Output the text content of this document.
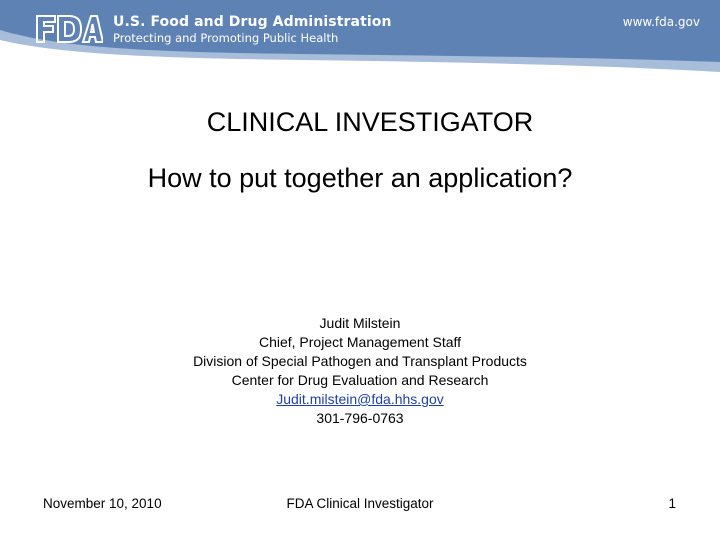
U.S. Food and Drug Administration
Protecting and Promoting Public Health
www.fda.gov
CLINICAL INVESTIGATOR
How to put together an application?
Judit Milstein
Chief, Project Management Staff
Division of Special Pathogen and Transplant Products
Center for Drug Evaluation and Research
Judit.milstein@fda.hhs.gov
301-796-0763
November 10, 2010	FDA Clinical Investigator	1
